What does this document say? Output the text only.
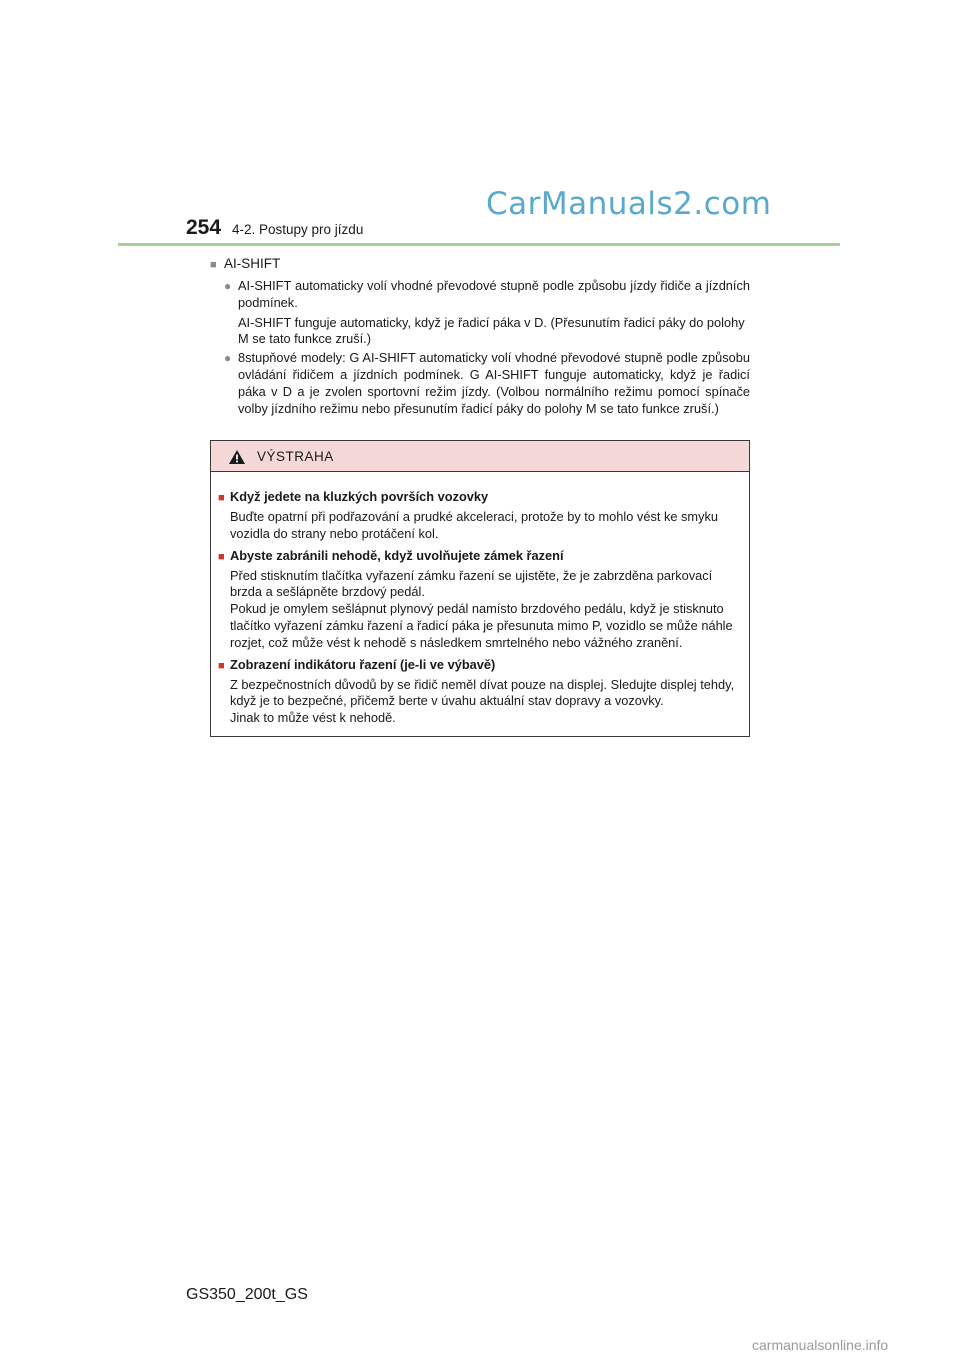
CarManuals2.com
254 4-2. Postupy pro jízdu
■ AI-SHIFT
● AI-SHIFT automaticky volí vhodné převodové stupně podle způsobu jízdy řidiče a jízdních podmínek.
AI-SHIFT funguje automaticky, když je řadicí páka v D. (Přesunutím řadicí páky do polohy M se tato funkce zruší.)
● 8stupňové modely: G AI-SHIFT automaticky volí vhodné převodové stupně podle způsobu ovládání řidičem a jízdních podmínek. G AI-SHIFT funguje automaticky, když je řadicí páka v D a je zvolen sportovní režim jízdy. (Volbou normálního režimu pomocí spínače volby jízdního režimu nebo přesunutím řadicí páky do polohy M se tato funkce zruší.)
VÝSTRAHA
■ Když jedete na kluzkých površích vozovky
Buďte opatrní při podřazování a prudké akceleraci, protože by to mohlo vést ke smyku vozidla do strany nebo protáčení kol.
■ Abyste zabránili nehodě, když uvolňujete zámek řazení
Před stisknutím tlačítka vyřazení zámku řazení se ujistěte, že je zabrzděna parkovací brzda a sešlápněte brzdový pedál.
Pokud je omylem sešlápnut plynový pedál namísto brzdového pedálu, když je stisknuto tlačítko vyřazení zámku řazení a řadicí páka je přesunuta mimo P, vozidlo se může náhle rozjet, což může vést k nehodě s následkem smrtelného nebo vážného zranění.
■ Zobrazení indikátoru řazení (je-li ve výbavě)
Z bezpečnostních důvodů by se řidič neměl dívat pouze na displej. Sledujte displej tehdy, když je to bezpečné, přičemž berte v úvahu aktuální stav dopravy a vozovky.
Jinak to může vést k nehodě.
GS350_200t_GS
carmanualsonline.info
